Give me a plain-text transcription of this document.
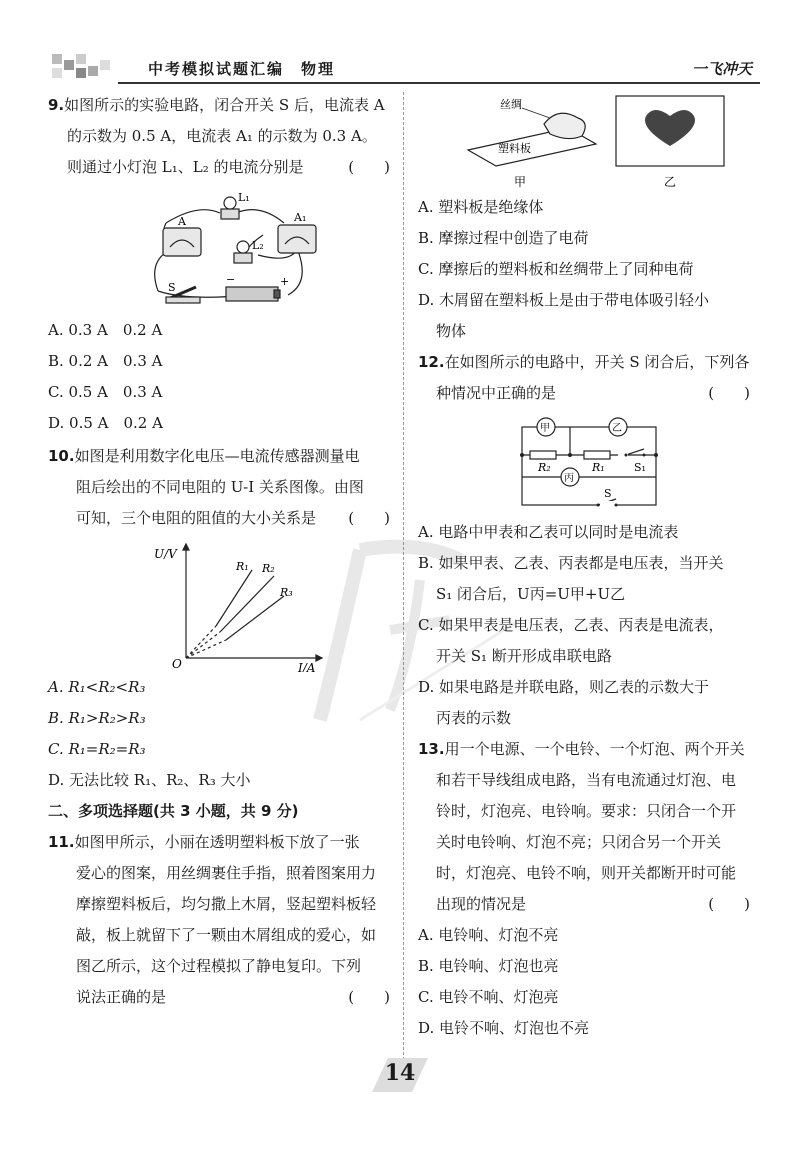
中考模拟试题汇编　物理	一飞冲天

9.如图所示的实验电路，闭合开关 S 后，电流表 A

的示数为 0.5 A，电流表 A₁ 的示数为 0.3 A。

则通过小灯泡 L₁、L₂ 的电流分别是	(　　)

A	A₁
L₁
L₂
S
−	+

A. 0.3 A　0.2 A

B. 0.2 A　0.3 A

C. 0.5 A　0.3 A

D. 0.5 A　0.2 A

10.如图是利用数字化电压—电流传感器测量电

阻后绘出的不同电阻的 U-I 关系图像。由图

可知，三个电阻的阻值的大小关系是 (　　)

U/V
I/A
O
R₁ R₂
R₃

A. R₁<R₂<R₃

B. R₁>R₂>R₃

C. R₁=R₂=R₃

D. 无法比较 R₁、R₂、R₃ 大小

二、多项选择题(共 3 小题，共 9 分)

11.如图甲所示，小丽在透明塑料板下放了一张

爱心的图案，用丝绸裹住手指，照着图案用力

摩擦塑料板后，均匀撒上木屑，竖起塑料板轻

敲，板上就留下了一颗由木屑组成的爱心，如

图乙所示，这个过程模拟了静电复印。下列

说法正确的是	(　　)

丝绸
塑料板
甲	乙

A. 塑料板是绝缘体

B. 摩擦过程中创造了电荷

C. 摩擦后的塑料板和丝绸带上了同种电荷

D. 木屑留在塑料板上是由于带电体吸引轻小

物体

12.在如图所示的电路中，开关 S 闭合后，下列各

种情况中正确的是	(　　)

甲	乙
丙
R₂	R₁	S₁
S

A. 电路中甲表和乙表可以同时是电流表

B. 如果甲表、乙表、丙表都是电压表，当开关

S₁ 闭合后，U丙=U甲+U乙

C. 如果甲表是电压表，乙表、丙表是电流表，

开关 S₁ 断开形成串联电路

D. 如果电路是并联电路，则乙表的示数大于

丙表的示数

13.用一个电源、一个电铃、一个灯泡、两个开关

和若干导线组成电路，当有电流通过灯泡、电

铃时，灯泡亮、电铃响。要求：只闭合一个开

关时电铃响、灯泡不亮；只闭合另一个开关

时，灯泡亮、电铃不响，则开关都断开时可能

出现的情况是	(　　)

A. 电铃响、灯泡不亮

B. 电铃响、灯泡也亮

C. 电铃不响、灯泡亮

D. 电铃不响、灯泡也不亮

14
